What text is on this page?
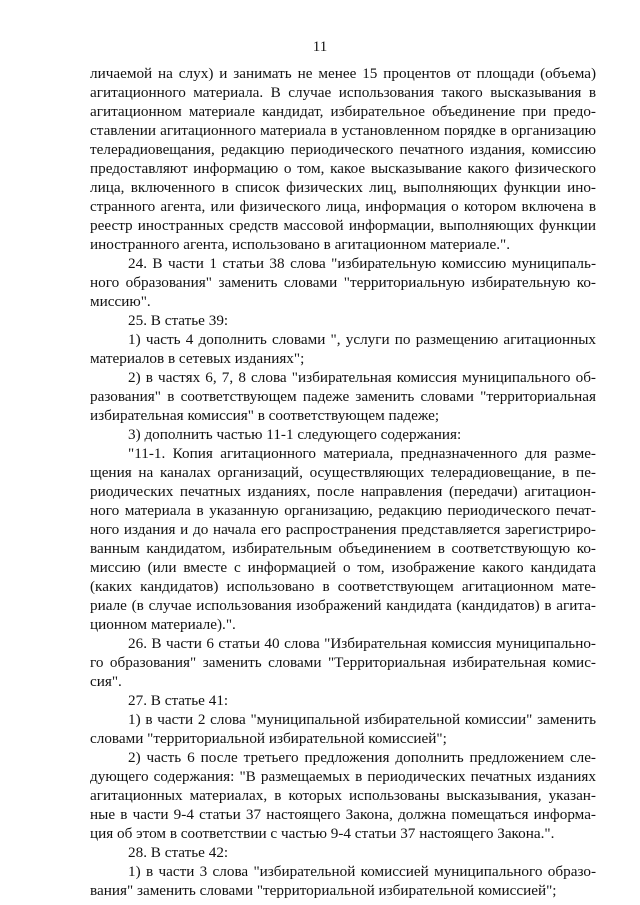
11
личаемой на слух) и занимать не менее 15 процентов от площади (объема)
агитационного материала. В случае использования такого высказывания в
агитационном материале кандидат, избирательное объединение при предо-
ставлении агитационного материала в установленном порядке в организацию
телерадиовещания, редакцию периодического печатного издания, комиссию
предоставляют информацию о том, какое высказывание какого физического
лица, включенного в список физических лиц, выполняющих функции ино-
странного агента, или физического лица, информация о котором включена в
реестр иностранных средств массовой информации, выполняющих функции
иностранного агента, использовано в агитационном материале.".
24. В части 1 статьи 38 слова "избирательную комиссию муниципаль-
ного образования" заменить словами "территориальную избирательную ко-
миссию".
25. В статье 39:
1) часть 4 дополнить словами ", услуги по размещению агитационных
материалов в сетевых изданиях";
2) в частях 6, 7, 8 слова "избирательная комиссия муниципального об-
разования" в соответствующем падеже заменить словами "территориальная
избирательная комиссия" в соответствующем падеже;
3) дополнить частью 11-1 следующего содержания:
"11-1. Копия агитационного материала, предназначенного для разме-
щения на каналах организаций, осуществляющих телерадиовещание, в пе-
риодических печатных изданиях, после направления (передачи) агитацион-
ного материала в указанную организацию, редакцию периодического печат-
ного издания и до начала его распространения представляется зарегистриро-
ванным кандидатом, избирательным объединением в соответствующую ко-
миссию (или вместе с информацией о том, изображение какого кандидата
(каких кандидатов) использовано в соответствующем агитационном мате-
риале (в случае использования изображений кандидата (кандидатов) в агита-
ционном материале).".
26. В части 6 статьи 40 слова "Избирательная комиссия муниципально-
го образования" заменить словами "Территориальная избирательная комис-
сия".
27. В статье 41:
1) в части 2 слова "муниципальной избирательной комиссии" заменить
словами "территориальной избирательной комиссией";
2) часть 6 после третьего предложения дополнить предложением сле-
дующего содержания: "В размещаемых в периодических печатных изданиях
агитационных материалах, в которых использованы высказывания, указан-
ные в части 9-4 статьи 37 настоящего Закона, должна помещаться информа-
ция об этом в соответствии с частью 9-4 статьи 37 настоящего Закона.".
28. В статье 42:
1) в части 3 слова "избирательной комиссией муниципального образо-
вания" заменить словами "территориальной избирательной комиссией";
